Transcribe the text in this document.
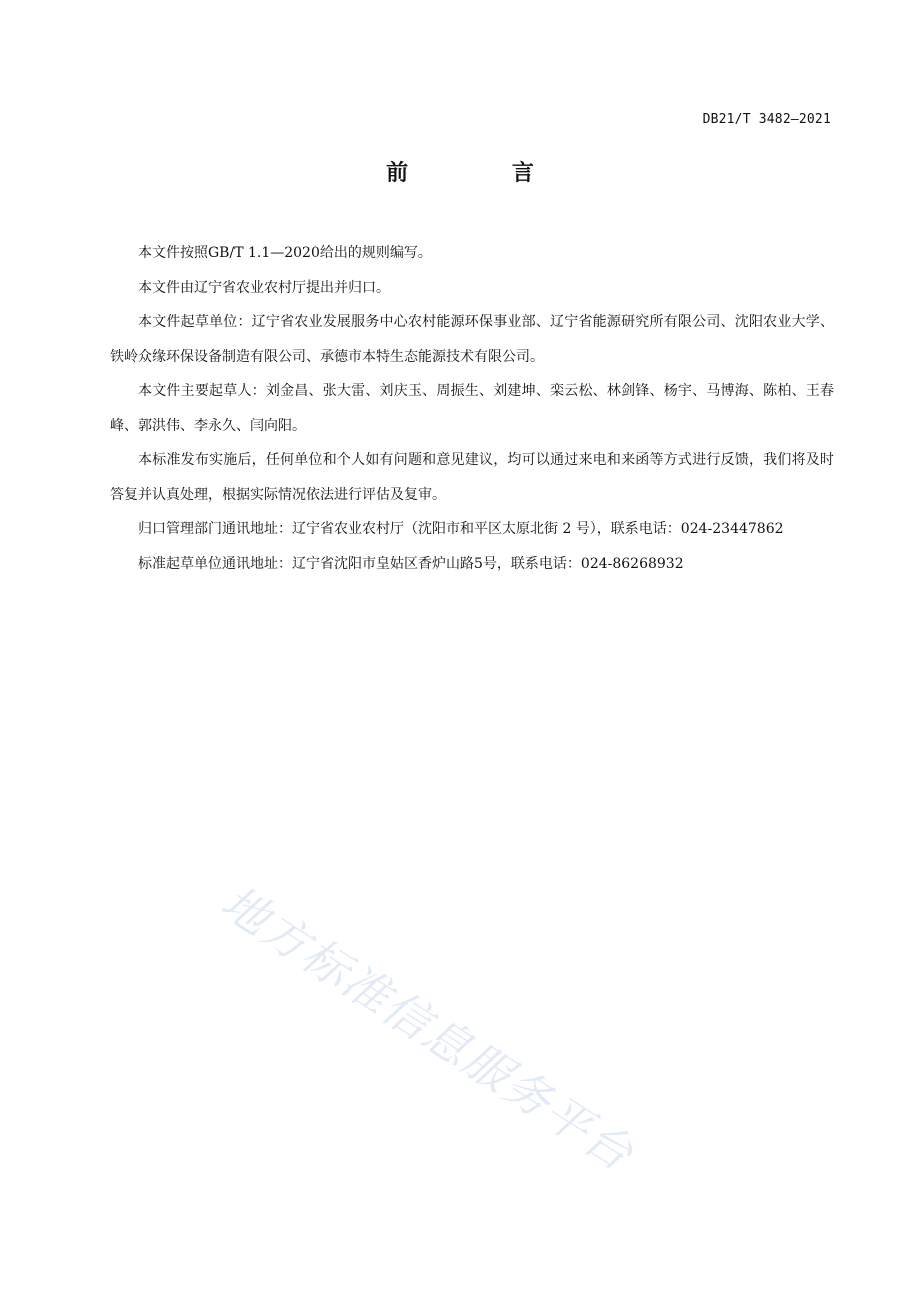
DB21/T 3482—2021
前 言

本文件按照GB/T 1.1—2020给出的规则编写。

本文件由辽宁省农业农村厅提出并归口。

本文件起草单位：辽宁省农业发展服务中心农村能源环保事业部、辽宁省能源研究所有限公司、沈阳农业大学、铁岭众缘环保设备制造有限公司、承德市本特生态能源技术有限公司。

本文件主要起草人：刘金昌、张大雷、刘庆玉、周振生、刘建坤、栾云松、林剑锋、杨宇、马博海、陈柏、王春峰、郭洪伟、李永久、闫向阳。

本标准发布实施后，任何单位和个人如有问题和意见建议，均可以通过来电和来函等方式进行反馈，我们将及时答复并认真处理，根据实际情况依法进行评估及复审。

归口管理部门通讯地址：辽宁省农业农村厅（沈阳市和平区太原北街 2 号），联系电话：024-23447862

标准起草单位通讯地址：辽宁省沈阳市皇姑区香炉山路5号，联系电话：024-86268932

地方标准信息服务平台
